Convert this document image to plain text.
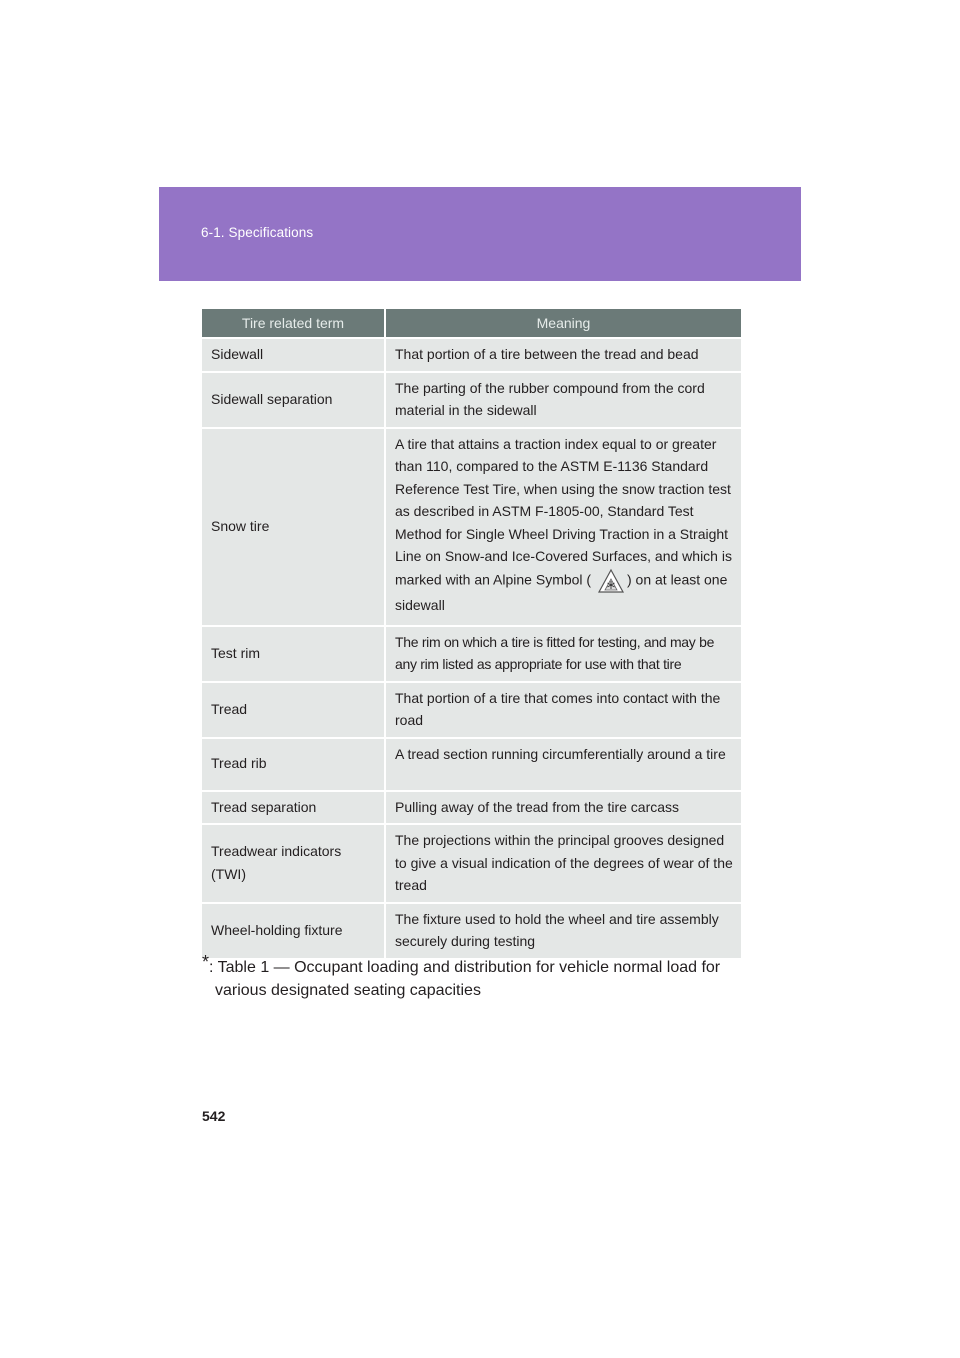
6-1. Specifications
Tire related term	Meaning
Sidewall	That portion of a tire between the tread and bead
Sidewall separation	The parting of the rubber compound from the cord material in the sidewall
Snow tire	A tire that attains a traction index equal to or greater than 110, compared to the ASTM E-1136 Standard Reference Test Tire, when using the snow traction test as described in ASTM F-1805-00, Standard Test Method for Single Wheel Driving Traction in a Straight Line on Snow-and Ice-Covered Surfaces, and which is marked with an Alpine Symbol ( ) on at least one sidewall
Test rim	The rim on which a tire is fitted for testing, and may be any rim listed as appropriate for use with that tire
Tread	That portion of a tire that comes into contact with the road
Tread rib	A tread section running circumferentially around a tire
Tread separation	Pulling away of the tread from the tire carcass
Treadwear indicators (TWI)	The projections within the principal grooves designed to give a visual indication of the degrees of wear of the tread
Wheel-holding fixture	The fixture used to hold the wheel and tire assembly securely during testing
*: Table 1 — Occupant loading and distribution for vehicle normal load for
various designated seating capacities
542
